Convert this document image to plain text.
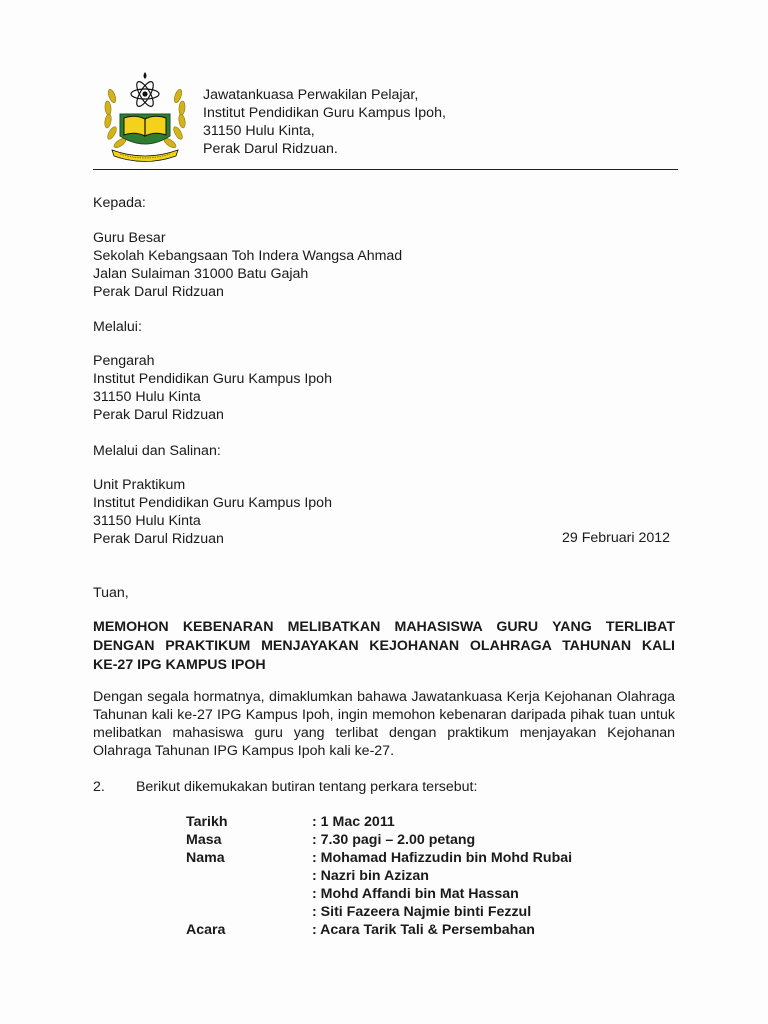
Jawatankuasa Perwakilan Pelajar,
Institut Pendidikan Guru Kampus Ipoh,
31150 Hulu Kinta,
Perak Darul Ridzuan.
Kepada:
Guru Besar
Sekolah Kebangsaan Toh Indera Wangsa Ahmad
Jalan Sulaiman 31000 Batu Gajah
Perak Darul Ridzuan
Melalui:
Pengarah
Institut Pendidikan Guru Kampus Ipoh
31150 Hulu Kinta
Perak Darul Ridzuan
Melalui dan Salinan:
Unit Praktikum
Institut Pendidikan Guru Kampus Ipoh
31150 Hulu Kinta
Perak Darul Ridzuan	29 Februari 2012
Tuan,
MEMOHON KEBENARAN MELIBATKAN MAHASISWA GURU YANG TERLIBAT
DENGAN PRAKTIKUM MENJAYAKAN KEJOHANAN OLAHRAGA TAHUNAN KALI
KE-27 IPG KAMPUS IPOH
Dengan segala hormatnya, dimaklumkan bahawa Jawatankuasa Kerja Kejohanan Olahraga
Tahunan kali ke-27 IPG Kampus Ipoh, ingin memohon kebenaran daripada pihak tuan untuk
melibatkan mahasiswa guru yang terlibat dengan praktikum menjayakan Kejohanan
Olahraga Tahunan IPG Kampus Ipoh kali ke-27.
2. Berikut dikemukakan butiran tentang perkara tersebut:
Tarikh	: 1 Mac 2011
Masa	: 7.30 pagi – 2.00 petang
Nama	: Mohamad Hafizzudin bin Mohd Rubai
: Nazri bin Azizan
: Mohd Affandi bin Mat Hassan
: Siti Fazeera Najmie binti Fezzul
Acara	: Acara Tarik Tali & Persembahan
